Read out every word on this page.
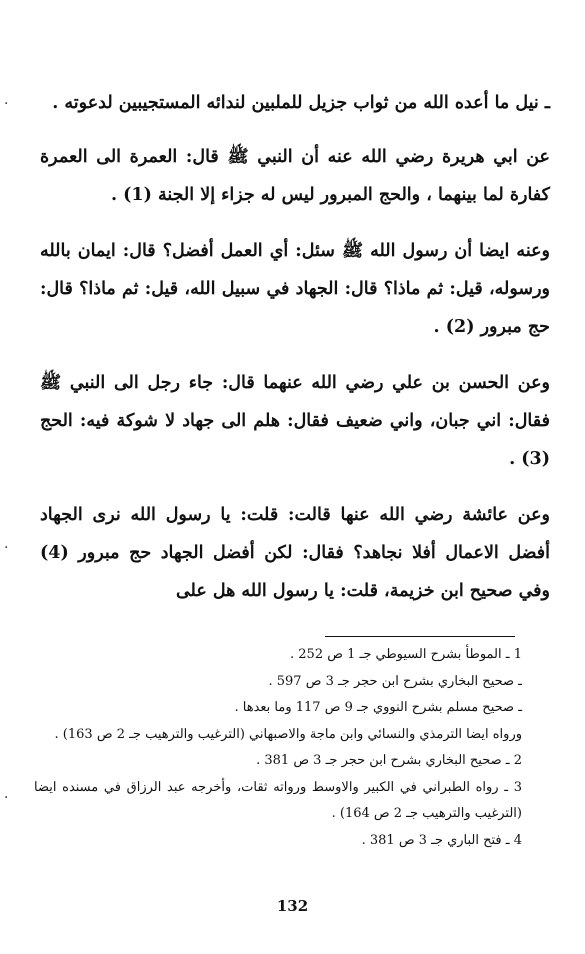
·
·
·

ـ نيل ما أعده الله من ثواب جزيل للملبين لندائه المستجيبين لدعوته .

عن ابي هريرة رضي الله عنه أن النبي ﷺ قال: العمرة الى العمرة كفارة لما بينهما ، والحج المبرور ليس له جزاء إلا الجنة (1) .

وعنه ايضا أن رسول الله ﷺ سئل: أي العمل أفضل؟ قال: ايمان بالله ورسوله، قيل: ثم ماذا؟ قال: الجهاد في سبيل الله، قيل: ثم ماذا؟ قال: حج مبرور (2) .

وعن الحسن بن علي رضي الله عنهما قال: جاء رجل الى النبي ﷺ فقال: اني جبان، واني ضعيف فقال: هلم الى جهاد لا شوكة فيه: الحج (3) .

وعن عائشة رضي الله عنها قالت: قلت: يا رسول الله نرى الجهاد أفضل الاعمال أفلا نجاهد؟ فقال: لكن أفضل الجهاد حج مبرور (4) وفي صحيح ابن خزيمة، قلت: يا رسول الله هل على

1 ـ الموطأ بشرح السيوطي جـ 1 ص 252 .
ـ صحيح البخاري بشرح ابن حجر جـ 3 ص 597 .
ـ صحيح مسلم بشرح النووي جـ 9 ص 117 وما بعدها .
ورواه ايضا الترمذي والنسائي وابن ماجة والاصبهاني (الترغيب والترهيب جـ 2 ص 163) .
2 ـ صحيح البخاري بشرح ابن حجر جـ 3 ص 381 .
3 ـ رواه الطبراني في الكبير والاوسط ورواته ثقات، وأخرجه عبد الرزاق في مسنده ايضا (الترغيب والترهيب جـ 2 ص 164) .
4 ـ فتح الباري جـ 3 ص 381 .
132
